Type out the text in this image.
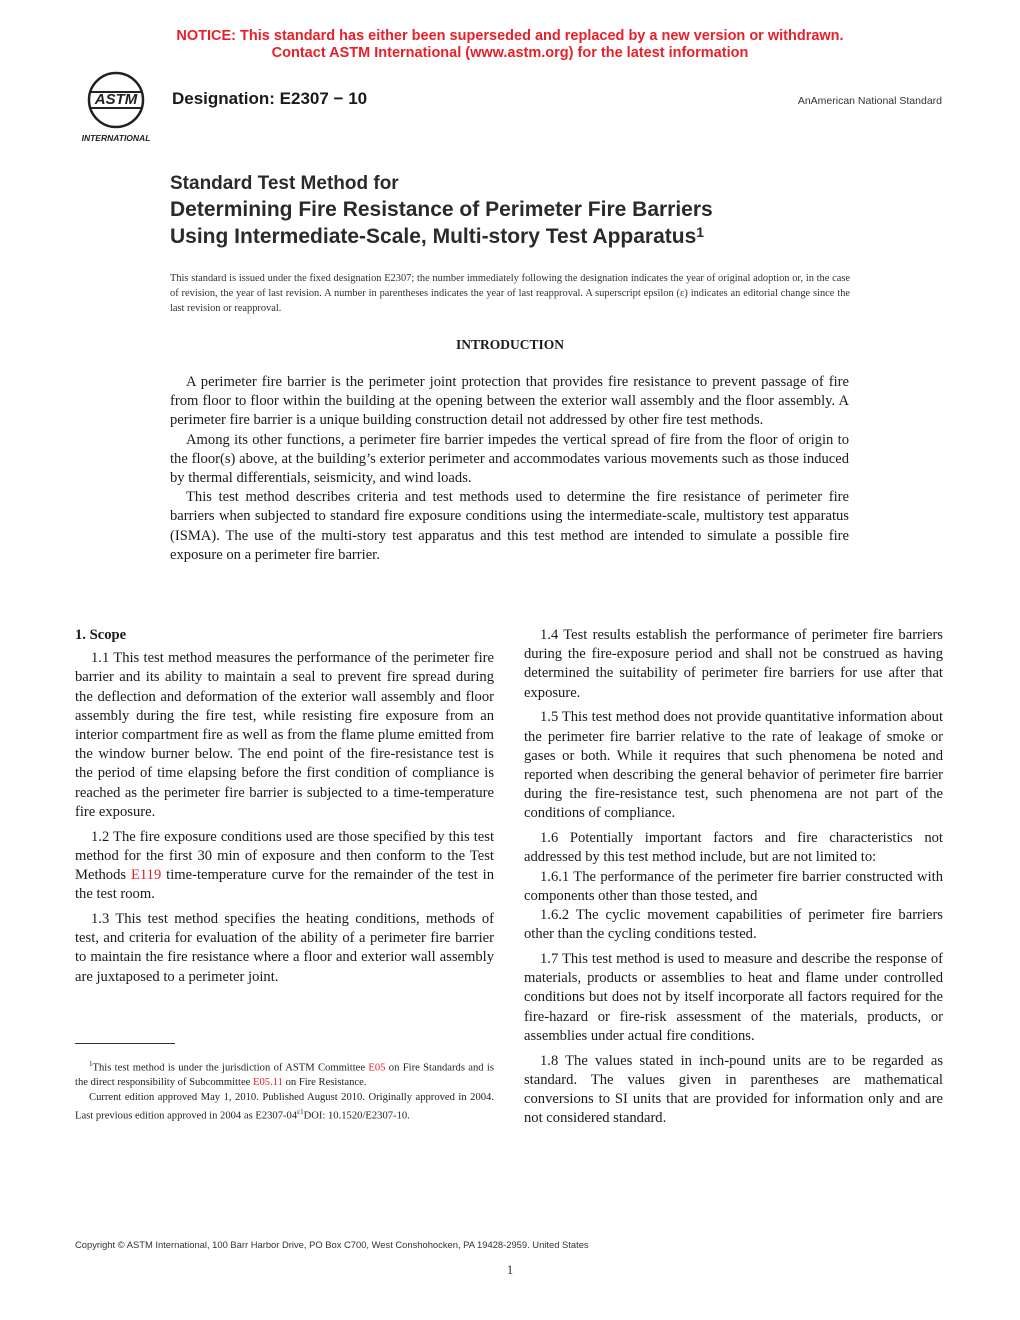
NOTICE: This standard has either been superseded and replaced by a new version or withdrawn.
Contact ASTM International (www.astm.org) for the latest information
ASTM
INTERNATIONAL
Designation: E2307 − 10	AnAmerican National Standard
Standard Test Method for
Determining Fire Resistance of Perimeter Fire Barriers
Using Intermediate-Scale, Multi-story Test Apparatus$^1$
This standard is issued under the fixed designation E2307; the number immediately following the designation indicates the year of original adoption or, in the case of revision, the year of last revision. A number in parentheses indicates the year of last reapproval. A superscript epsilon (ε) indicates an editorial change since the last revision or reapproval.
INTRODUCTION

A perimeter fire barrier is the perimeter joint protection that provides fire resistance to prevent passage of fire from floor to floor within the building at the opening between the exterior wall assembly and the floor assembly. A perimeter fire barrier is a unique building construction detail not addressed by other fire test methods.

Among its other functions, a perimeter fire barrier impedes the vertical spread of fire from the floor of origin to the floor(s) above, at the building’s exterior perimeter and accommodates various movements such as those induced by thermal differentials, seismicity, and wind loads.

This test method describes criteria and test methods used to determine the fire resistance of perimeter fire barriers when subjected to standard fire exposure conditions using the intermediate-scale, multistory test apparatus (ISMA). The use of the multi-story test apparatus and this test method are intended to simulate a possible fire exposure on a perimeter fire barrier.

1. Scope

1.1 This test method measures the performance of the perimeter fire barrier and its ability to maintain a seal to prevent fire spread during the deflection and deformation of the exterior wall assembly and floor assembly during the fire test, while resisting fire exposure from an interior compartment fire as well as from the flame plume emitted from the window burner below. The end point of the fire-resistance test is the period of time elapsing before the first condition of compliance is reached as the perimeter fire barrier is subjected to a time-temperature fire exposure.

1.2 The fire exposure conditions used are those specified by this test method for the first 30 min of exposure and then conform to the Test Methods E119 time-temperature curve for the remainder of the test in the test room.

1.3 This test method specifies the heating conditions, methods of test, and criteria for evaluation of the ability of a perimeter fire barrier to maintain the fire resistance where a floor and exterior wall assembly are juxtaposed to a perimeter joint.

$^1$This test method is under the jurisdiction of ASTM Committee E05 on Fire Standards and is the direct responsibility of Subcommittee E05.11 on Fire Resistance.

Current edition approved May 1, 2010. Published August 2010. Originally approved in 2004. Last previous edition approved in 2004 as $E2307-04^{\varepsilon 1}DOI$: 10.1520/E2307-10.

1.4 Test results establish the performance of perimeter fire barriers during the fire-exposure period and shall not be construed as having determined the suitability of perimeter fire barriers for use after that exposure.

1.5 This test method does not provide quantitative information about the perimeter fire barrier relative to the rate of leakage of smoke or gases or both. While it requires that such phenomena be noted and reported when describing the general behavior of perimeter fire barrier during the fire-resistance test, such phenomena are not part of the conditions of compliance.

1.6 Potentially important factors and fire characteristics not addressed by this test method include, but are not limited to:

1.6.1 The performance of the perimeter fire barrier constructed with components other than those tested, and

1.6.2 The cyclic movement capabilities of perimeter fire barriers other than the cycling conditions tested.

1.7 This test method is used to measure and describe the response of materials, products or assemblies to heat and flame under controlled conditions but does not by itself incorporate all factors required for the fire-hazard or fire-risk assessment of the materials, products, or assemblies under actual fire conditions.

1.8 The values stated in inch-pound units are to be regarded as standard. The values given in parentheses are mathematical conversions to SI units that are provided for information only and are not considered standard.

Copyright © ASTM International, 100 Barr Harbor Drive, PO Box C700, West Conshohocken, PA 19428-2959. United States
1
